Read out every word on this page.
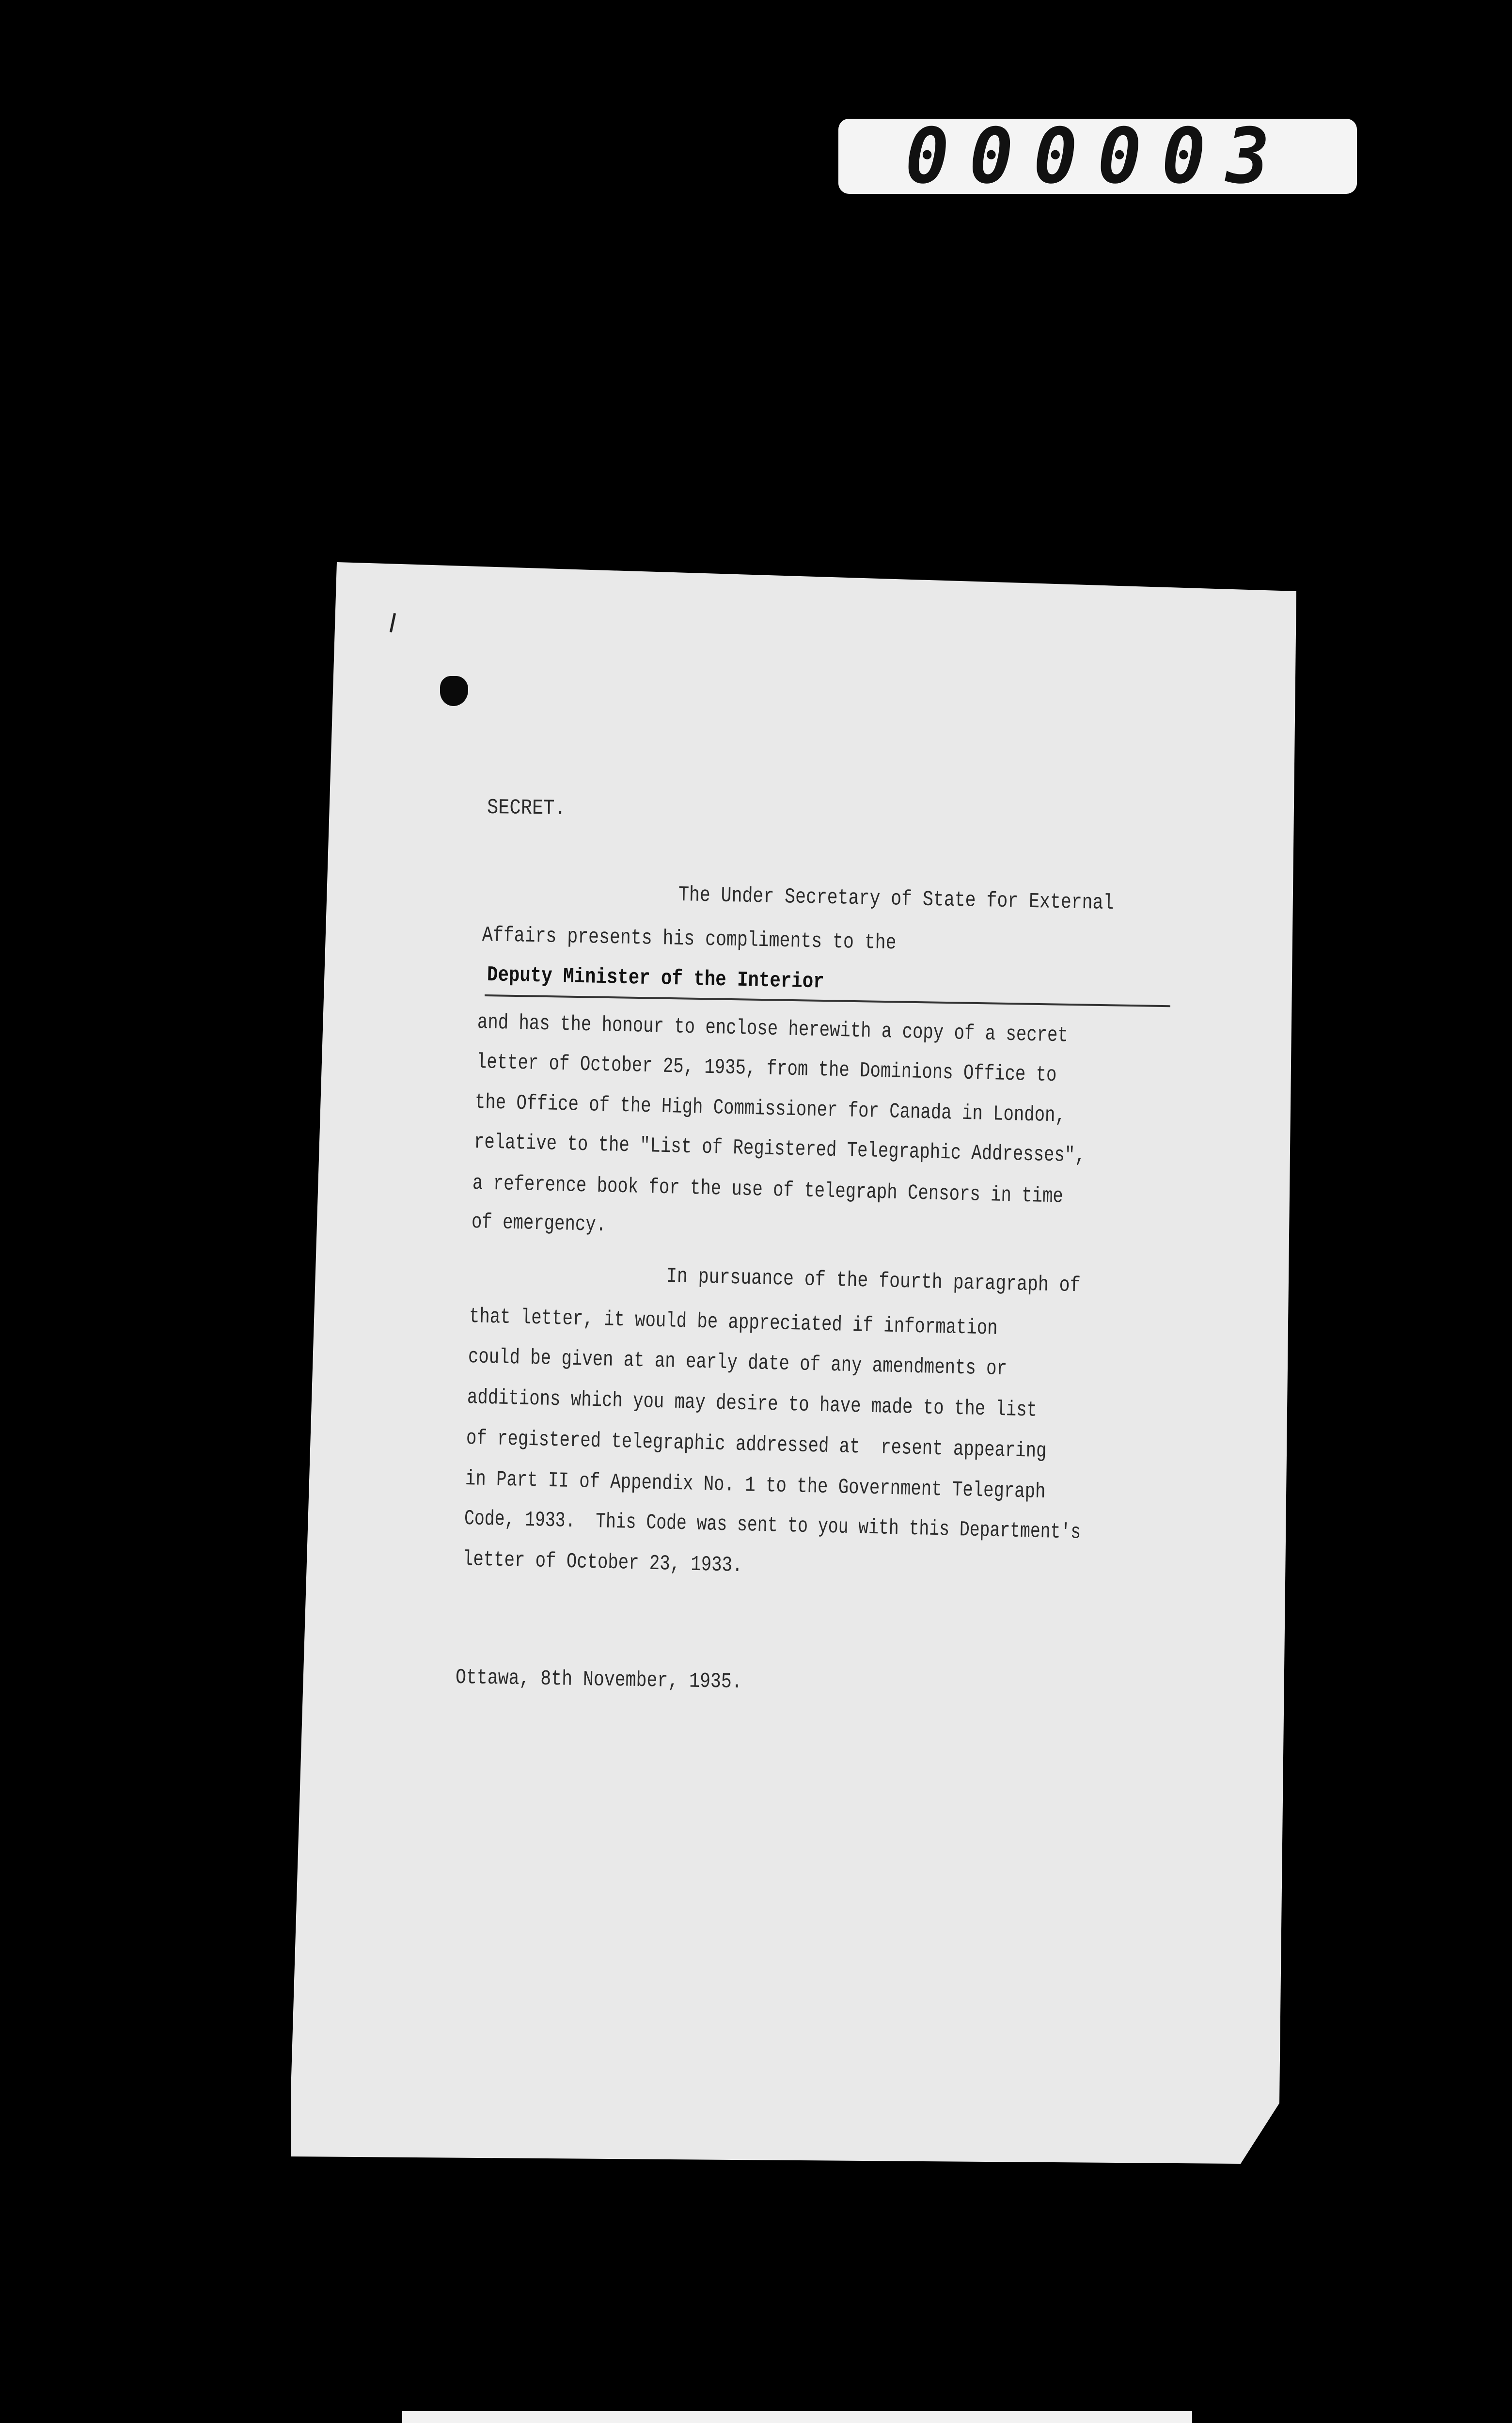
000003
SECRET.
The Under Secretary of State for External
Affairs presents his compliments to the
Deputy Minister of the Interior
and has the honour to enclose herewith a copy of a secret
letter of October 25, 1935, from the Dominions Office to
the Office of the High Commissioner for Canada in London,
relative to the "List of Registered Telegraphic Addresses",
a reference book for the use of telegraph Censors in time
of emergency.
In pursuance of the fourth paragraph of
that letter, it would be appreciated if information
could be given at an early date of any amendments or
additions which you may desire to have made to the list
of registered telegraphic addressed at  resent appearing
in Part II of Appendix No. 1 to the Government Telegraph
Code, 1933.  This Code was sent to you with this Department's
letter of October 23, 1933.
Ottawa, 8th November, 1935.
